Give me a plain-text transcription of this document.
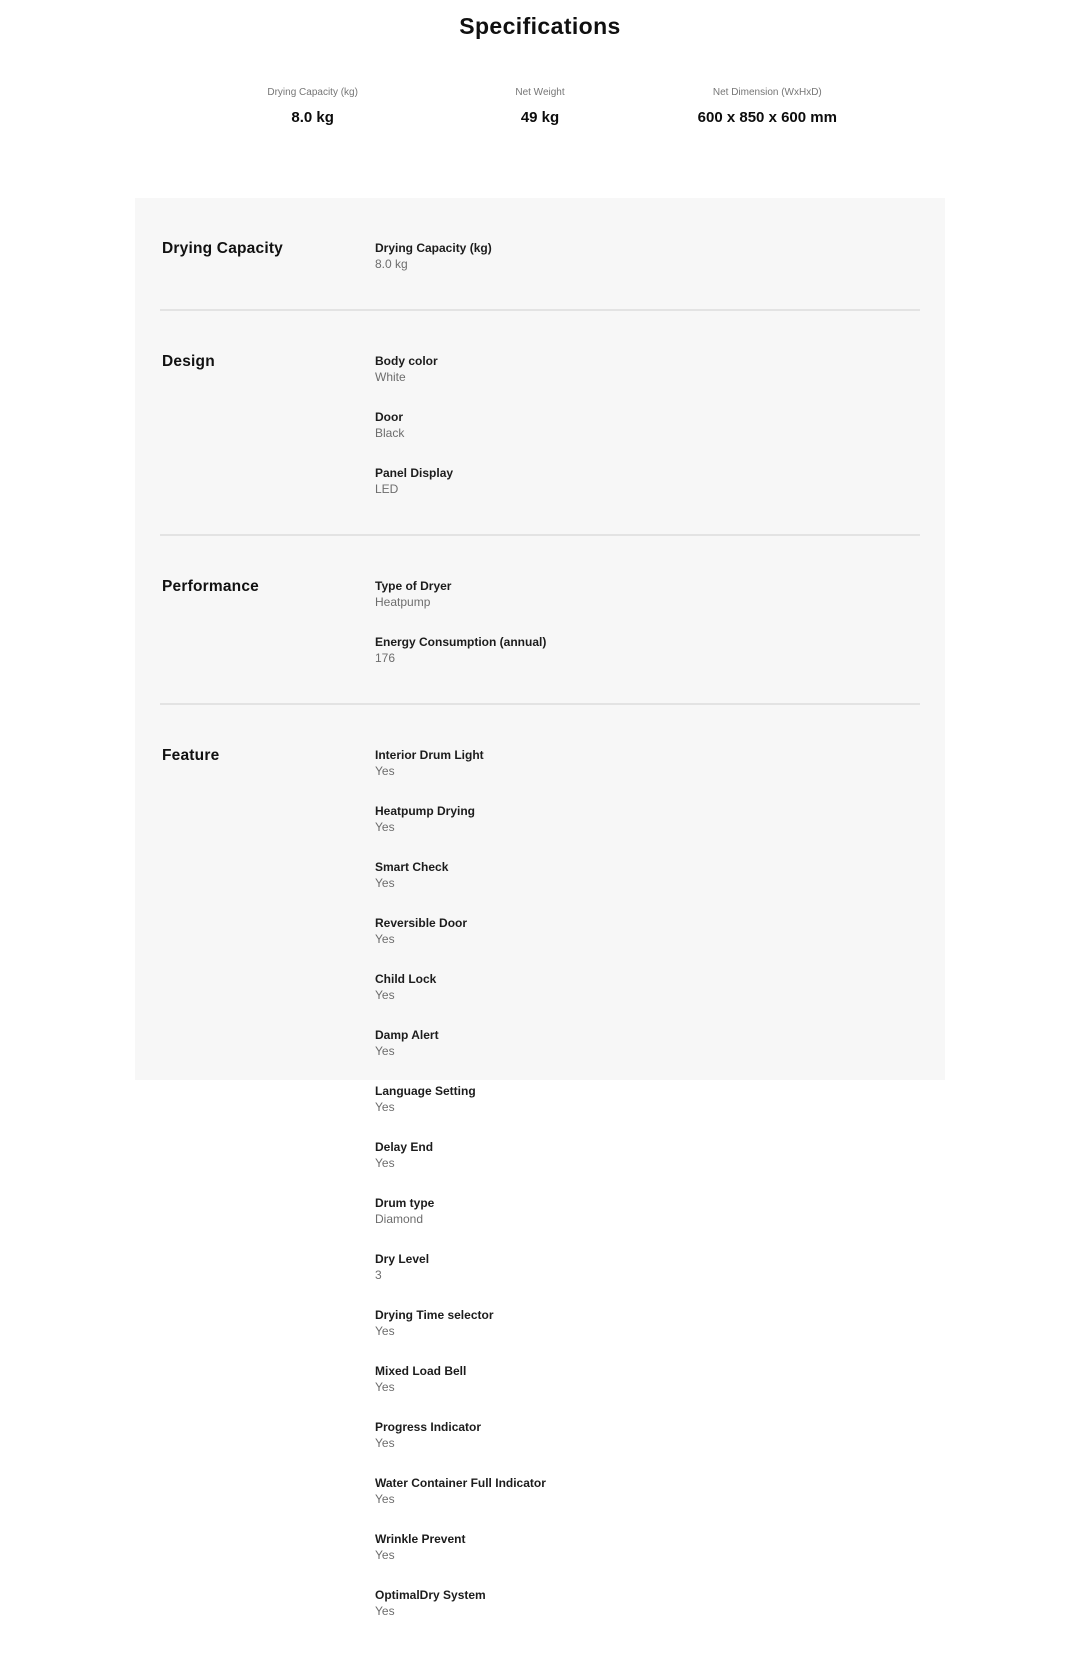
Specifications
Drying Capacity (kg)
8.0 kg
Net Weight
49 kg
Net Dimension (WxHxD)
600 x 850 x 600 mm
Drying Capacity	Drying Capacity (kg)
8.0 kg
Design	Body color
White
Door
Black
Panel Display
LED
Performance	Type of Dryer
Heatpump
Energy Consumption (annual)
176
Feature	Interior Drum Light
Yes
Heatpump Drying
Yes
Smart Check
Yes
Reversible Door
Yes
Child Lock
Yes
Damp Alert
Yes
Language Setting
Yes
Delay End
Yes
Drum type
Diamond
Dry Level
3
Drying Time selector
Yes
Mixed Load Bell
Yes
Progress Indicator
Yes
Water Container Full Indicator
Yes
Wrinkle Prevent
Yes
OptimalDry System
Yes
